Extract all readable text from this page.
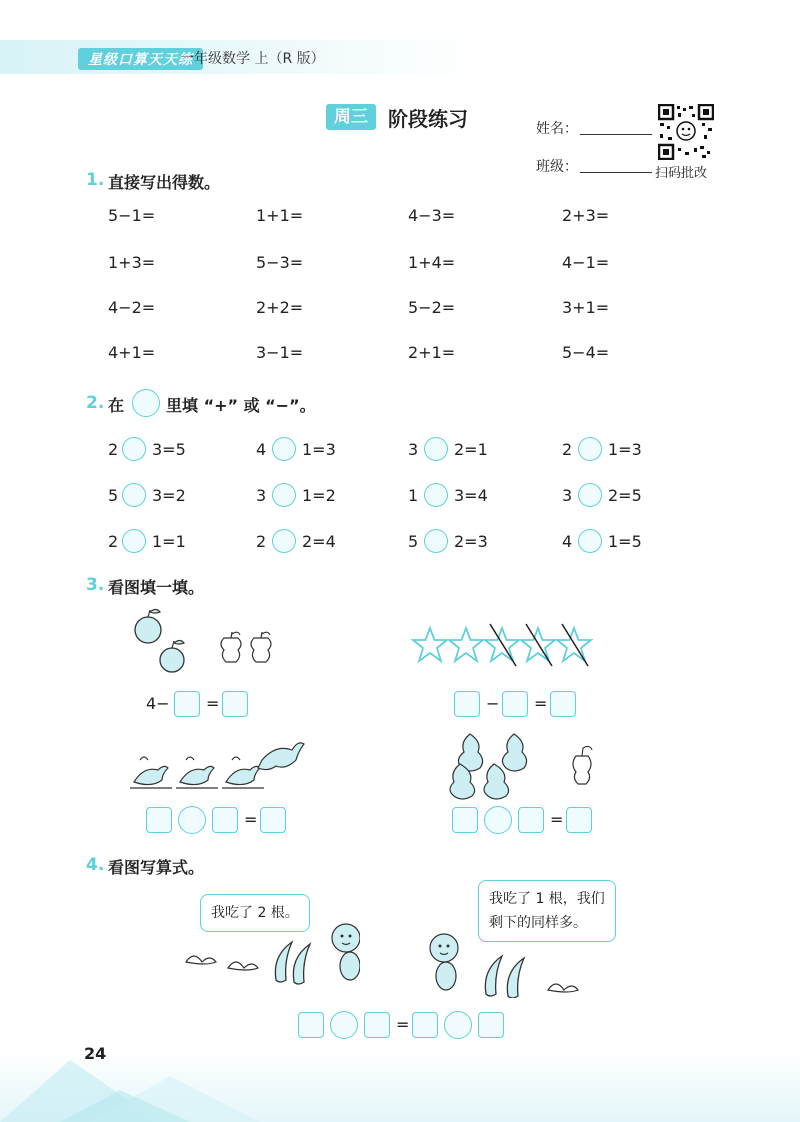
星级口算天天练
一年级数学 上（R 版）
周三	阶段练习	姓名：
班级：	扫码批改
1. 直接写出得数。
5−1=	1+1=	4−3=	2+3=
1+3=	5−3=	1+4=	4−1=
4−2=	2+2=	5−2=	3+1=
4+1=	3−1=	2+1=	5−4=
2. 在	里填 “+” 或 “−”。
2 3=5	4 1=3	3 2=1	2 1=3
5 3=2	3 1=2	1 3=4	3 2=5
2 1=1	2 2=4	5 2=3	4 1=5
3. 看图填一填。
4− =	− =
=	=
4. 看图写算式。
我吃了 2 根。
我吃了 1 根，我们
剩下的同样多。
=
24
